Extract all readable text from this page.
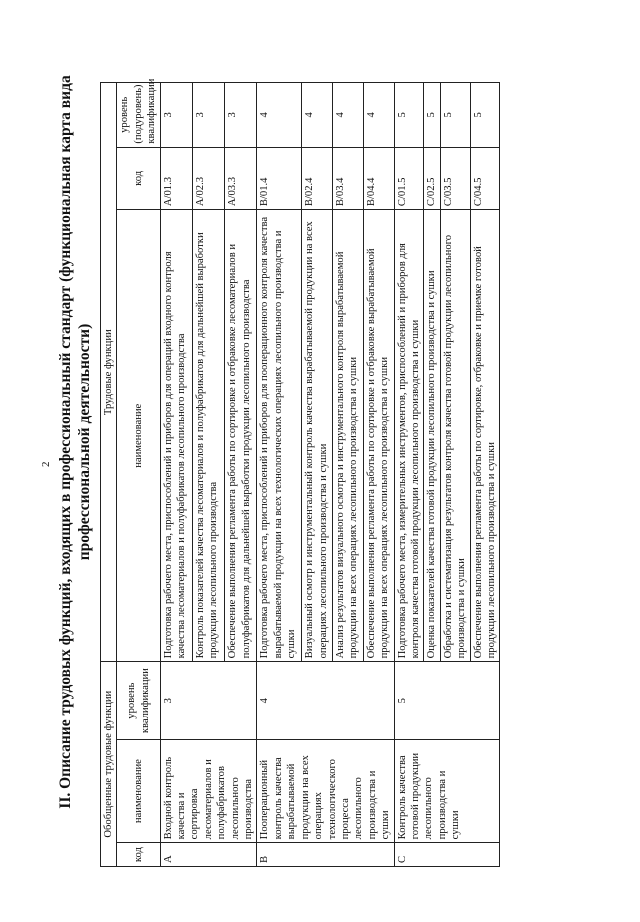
2 II. Описание трудовых функций, входящих в профессиональный стандарт (функциональная карта вида профессиональной деятельности)
Обобщенные трудовые функции			Трудовые функции		
код	наименование	уровень квалификации	наименование	код	уровень (подуровень) квалификации
A	Входной контроль качества и сортировка лесоматериалов и полуфабрикатов лесопильного производства	3	Подготовка рабочего места, приспособлений и приборов для операций входного контроля качества лесоматериалов и полуфабрикатов лесопильного производства	A/01.3	3
			Контроль показателей качества лесоматериалов и полуфабрикатов для дальнейшей выработки продукции лесопильного производства	A/02.3	3
			Обеспечение выполнения регламента работы по сортировке и отбраковке лесоматериалов и полуфабрикатов для дальнейшей выработки продукции лесопильного производства	A/03.3	3
B	Пооперационный контроль качества вырабатываемой продукции на всех операциях технологического процесса лесопильного производства и сушки	4	Подготовка рабочего места, приспособлений и приборов для пооперационного контроля качества вырабатываемой продукции на всех технологических операциях лесопильного производства и сушки	B/01.4	4
			Визуальный осмотр и инструментальный контроль качества вырабатываемой продукции на всех операциях лесопильного производства и сушки	B/02.4	4
			Анализ результатов визуального осмотра и инструментального контроля вырабатываемой продукции на всех операциях лесопильного производства и сушки	B/03.4	4
			Обеспечение выполнения регламента работы по сортировке и отбраковке вырабатываемой продукции на всех операциях лесопильного производства и сушки	B/04.4	4
C	Контроль качества готовой продукции лесопильного производства и сушки	5	Подготовка рабочего места, измерительных инструментов, приспособлений и приборов для контроля качества готовой продукции лесопильного производства и сушки	C/01.5	5
			Оценка показателей качества готовой продукции лесопильного производства и сушки	C/02.5	5
			Обработка и систематизация результатов контроля качества готовой продукции лесопильного производства и сушки	C/03.5	5
			Обеспечение выполнения регламента работы по сортировке, отбраковке и приемке готовой продукции лесопильного производства и сушки	C/04.5	5
